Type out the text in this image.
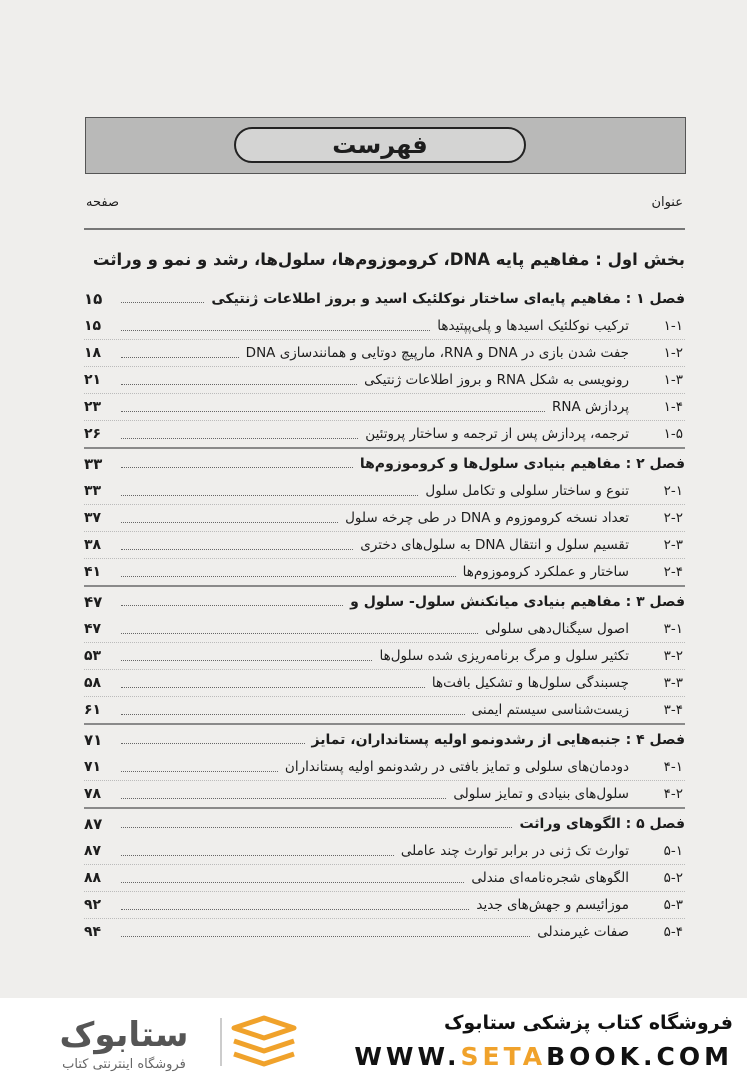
فهرست
عنوان
صفحه
بخش اول : مفاهیم پایه DNA، کروموزوم‌ها، سلول‌ها، رشد و نمو و وراثت
فصل ۱ : مفاهیم پایه‌ای ساختار نوکلئیک اسید و بروز اطلاعات ژنتیکی
۱۵
۱-۱
ترکیب نوکلئیک اسیدها و پلی‌پپتیدها
۱۵
۱-۲
جفت شدن بازی در DNA و RNA، مارپیچ دوتایی و همانندسازی DNA
۱۸
۱-۳
رونویسی به شکل RNA و بروز اطلاعات ژنتیکی
۲۱
۱-۴
پردازش RNA
۲۳
۱-۵
ترجمه، پردازش پس از ترجمه و ساختار پروتئین
۲۶
فصل ۲ : مفاهیم بنیادی سلول‌ها و کروموزوم‌ها
۳۳
۲-۱
تنوع و ساختار سلولی و تکامل سلول
۳۳
۲-۲
تعداد نسخه کروموزوم و DNA در طی چرخه سلول
۳۷
۲-۳
تقسیم سلول و انتقال DNA به سلول‌های دختری
۳۸
۲-۴
ساختار و عملکرد کروموزوم‌ها
۴۱
فصل ۳ : مفاهیم بنیادی میانکنش سلول- سلول و
۴۷
۳-۱
اصول سیگنال‌دهی سلولی
۴۷
۳-۲
تکثیر سلول و مرگ برنامه‌ریزی شده سلول‌ها
۵۳
۳-۳
چسبندگی سلول‌ها و تشکیل بافت‌ها
۵۸
۳-۴
زیست‌شناسی سیستم ایمنی
۶۱
فصل ۴ : جنبه‌هایی از رشدونمو اولیه پستانداران، تمایز
۷۱
۴-۱
دودمان‌های سلولی و تمایز بافتی در رشدونمو اولیه پستانداران
۷۱
۴-۲
سلول‌های بنیادی و تمایز سلولی
۷۸
فصل ۵ : الگوهای وراثت
۸۷
۵-۱
توارث تک ژنی در برابر توارث چند عاملی
۸۷
۵-۲
الگوهای شجره‌نامه‌ای مندلی
۸۸
۵-۳
موزائیسم و جهش‌های جدید
۹۲
۵-۴
صفات غیرمندلی
۹۴
ستابوک
فروشگاه اینترنتی کتاب
فروشگاه کتاب پزشکی ستابوک
WWW.SETABOOK.COM
